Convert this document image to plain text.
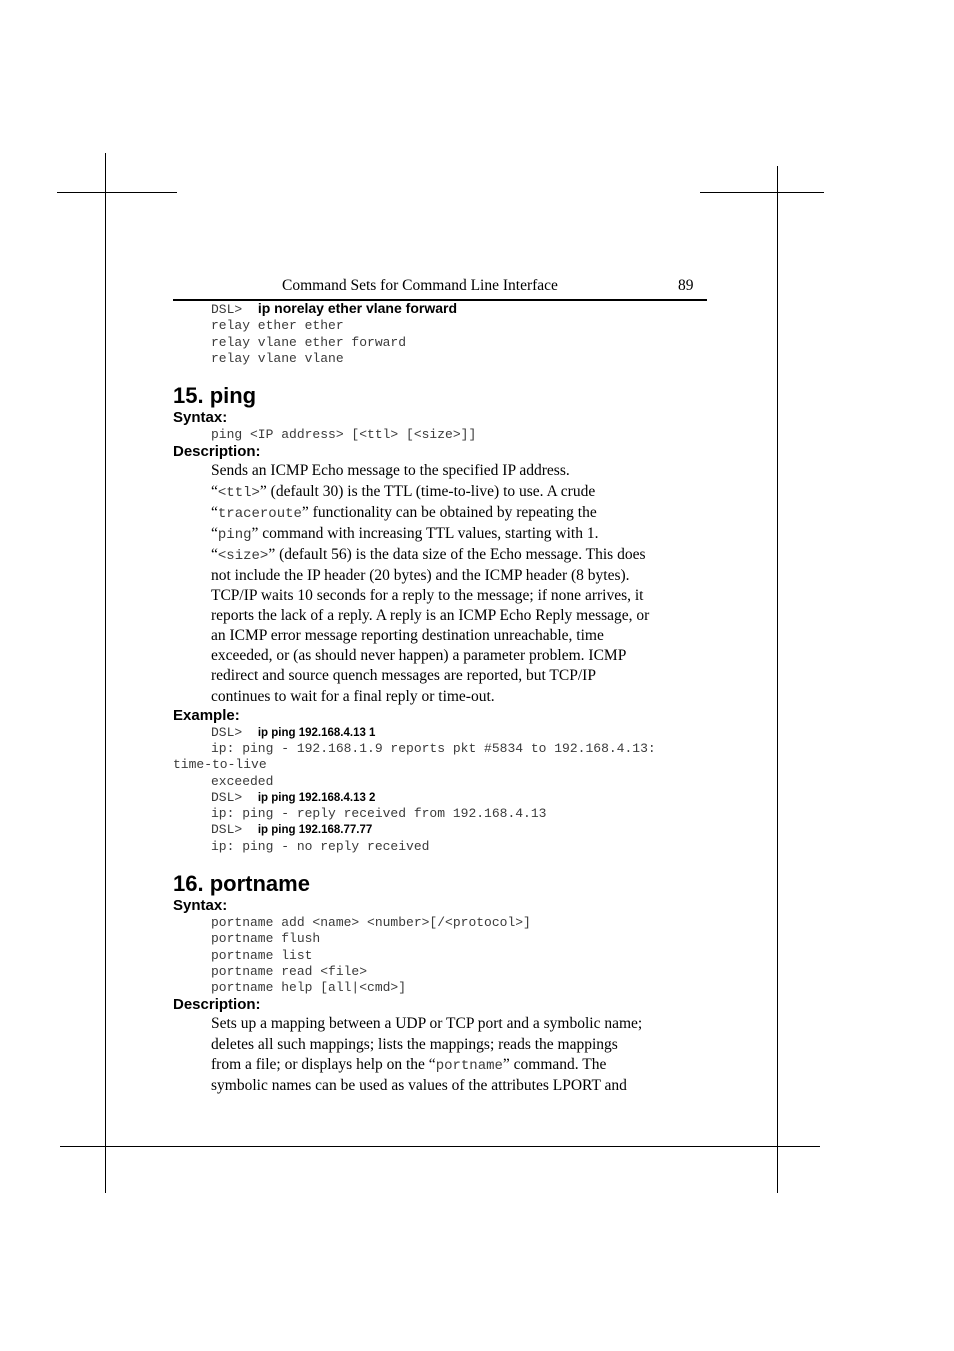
Command Sets for Command Line Interface	89
DSL> ip norelay ether vlane forward
relay ether ether
relay vlane ether forward
relay vlane vlane
15. ping
Syntax:
ping <IP address> [<ttl> [<size>]]
Description:
Sends an ICMP Echo message to the specified IP address.
“<ttl>” (default 30) is the TTL (time-to-live) to use. A crude
“traceroute” functionality can be obtained by repeating the
“ping” command with increasing TTL values, starting with 1.
“<size>” (default 56) is the data size of the Echo message. This does
not include the IP header (20 bytes) and the ICMP header (8 bytes).
TCP/IP waits 10 seconds for a reply to the message; if none arrives, it
reports the lack of a reply. A reply is an ICMP Echo Reply message, or
an ICMP error message reporting destination unreachable, time
exceeded, or (as should never happen) a parameter problem. ICMP
redirect and source quench messages are reported, but TCP/IP
continues to wait for a final reply or time-out.
Example:
DSL> ip ping 192.168.4.13 1
ip: ping - 192.168.1.9 reports pkt #5834 to 192.168.4.13:
time-to-live
exceeded
DSL> ip ping 192.168.4.13 2
ip: ping - reply received from 192.168.4.13
DSL> ip ping 192.168.77.77
ip: ping - no reply received
16. portname
Syntax:
portname add <name> <number>[/<protocol>]
portname flush
portname list
portname read <file>
portname help [all|<cmd>]
Description:
Sets up a mapping between a UDP or TCP port and a symbolic name;
deletes all such mappings; lists the mappings; reads the mappings
from a file; or displays help on the “portname” command. The
symbolic names can be used as values of the attributes LPORT and
